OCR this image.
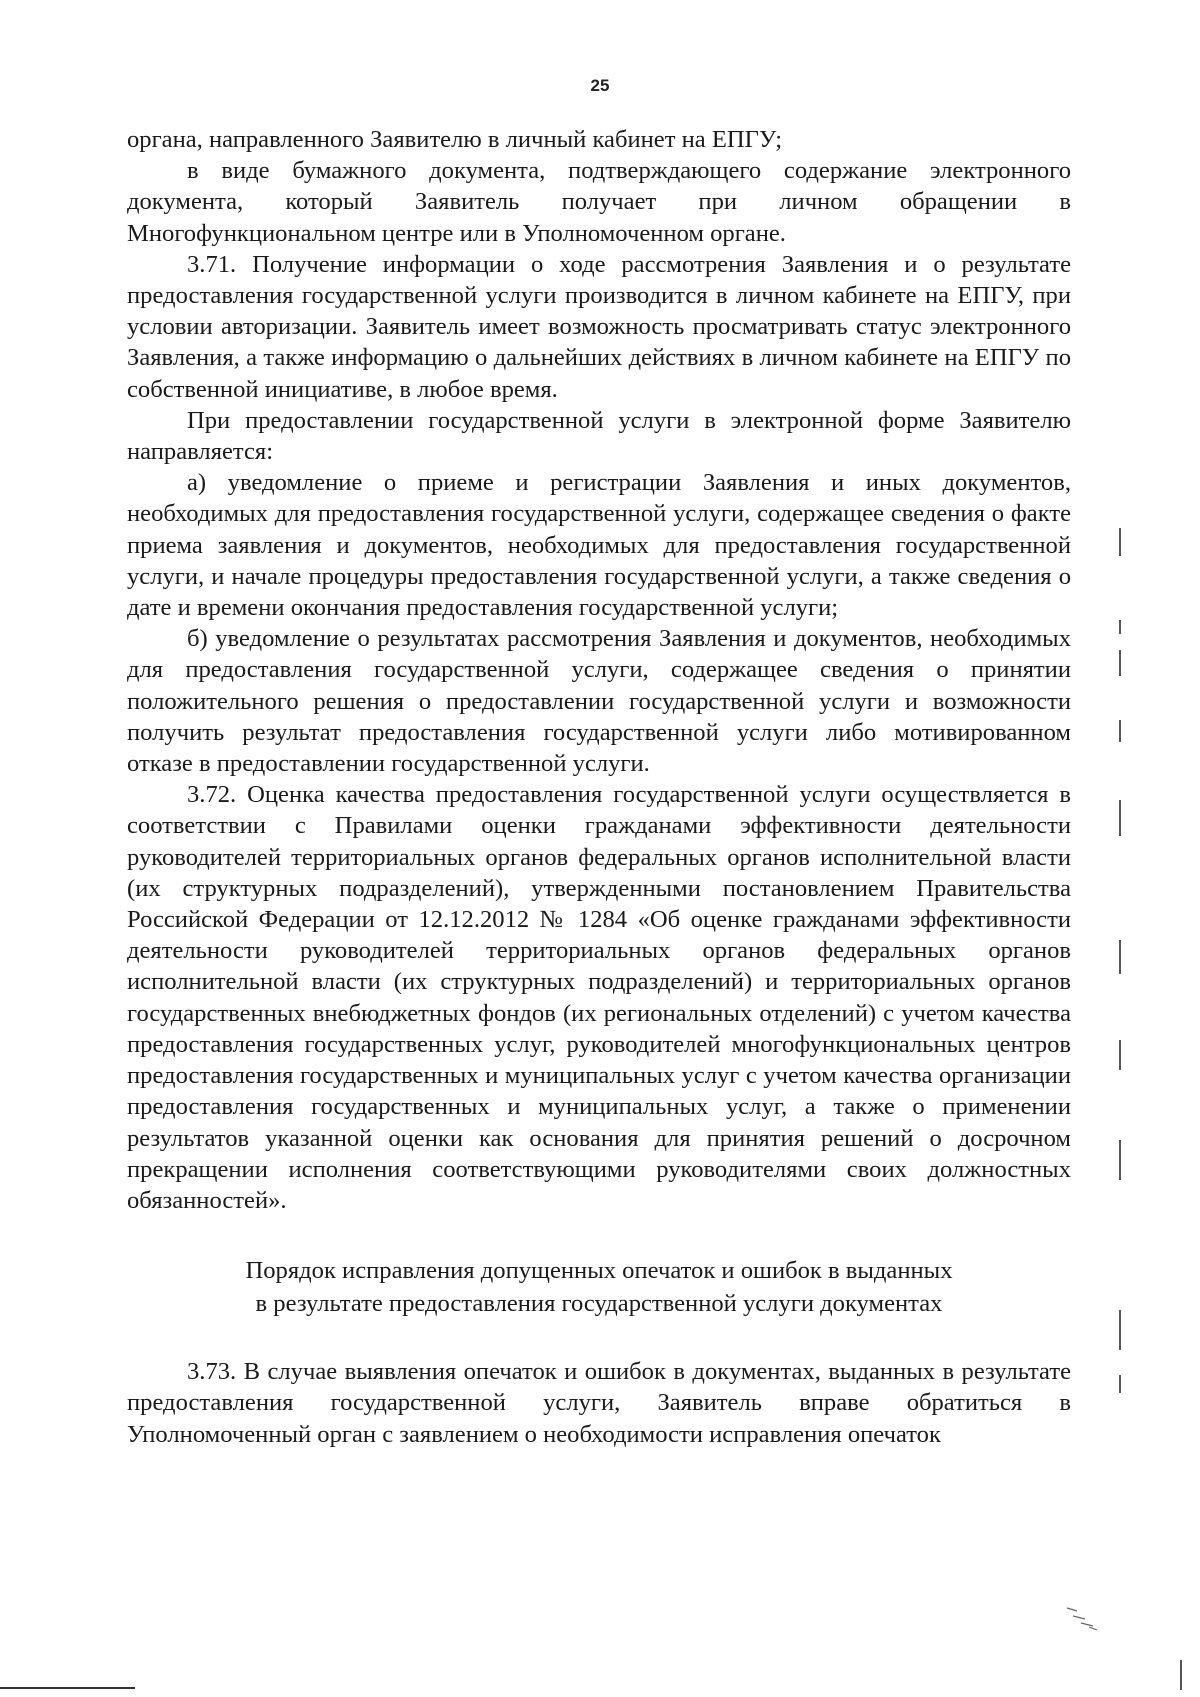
25

органа, направленного Заявителю в личный кабинет на ЕПГУ;

в виде бумажного документа, подтверждающего содержание электронного документа, который Заявитель получает при личном обращении в Многофункциональном центре или в Уполномоченном органе.

3.71. Получение информации о ходе рассмотрения Заявления и о результате предоставления государственной услуги производится в личном кабинете на ЕПГУ, при условии авторизации. Заявитель имеет возможность просматривать статус электронного Заявления, а также информацию о дальнейших действиях в личном кабинете на ЕПГУ по собственной инициативе, в любое время.

При предоставлении государственной услуги в электронной форме Заявителю направляется:

а) уведомление о приеме и регистрации Заявления и иных документов, необходимых для предоставления государственной услуги, содержащее сведения о факте приема заявления и документов, необходимых для предоставления государственной услуги, и начале процедуры предоставления государственной услуги, а также сведения о дате и времени окончания предоставления государственной услуги;

б) уведомление о результатах рассмотрения Заявления и документов, необходимых для предоставления государственной услуги, содержащее сведения о принятии положительного решения о предоставлении государственной услуги и возможности получить результат предоставления государственной услуги либо мотивированном отказе в предоставлении государственной услуги.

3.72. Оценка качества предоставления государственной услуги осуществляется в соответствии с Правилами оценки гражданами эффективности деятельности руководителей территориальных органов федеральных органов исполнительной власти (их структурных подразделений), утвержденными постановлением Правительства Российской Федерации от 12.12.2012 № 1284 «Об оценке гражданами эффективности деятельности руководителей территориальных органов федеральных органов исполнительной власти (их структурных подразделений) и территориальных органов государственных внебюджетных фондов (их региональных отделений) с учетом качества предоставления государственных услуг, руководителей многофункциональных центров предоставления государственных и муниципальных услуг с учетом качества организации предоставления государственных и муниципальных услуг, а также о применении результатов указанной оценки как основания для принятия решений о досрочном прекращении исполнения соответствующими руководителями своих должностных обязанностей».

Порядок исправления допущенных опечаток и ошибок в выданных
в результате предоставления государственной услуги документах

3.73. В случае выявления опечаток и ошибок в документах, выданных в результате предоставления государственной услуги, Заявитель вправе обратиться в Уполномоченный орган с заявлением о необходимости исправления опечаток
